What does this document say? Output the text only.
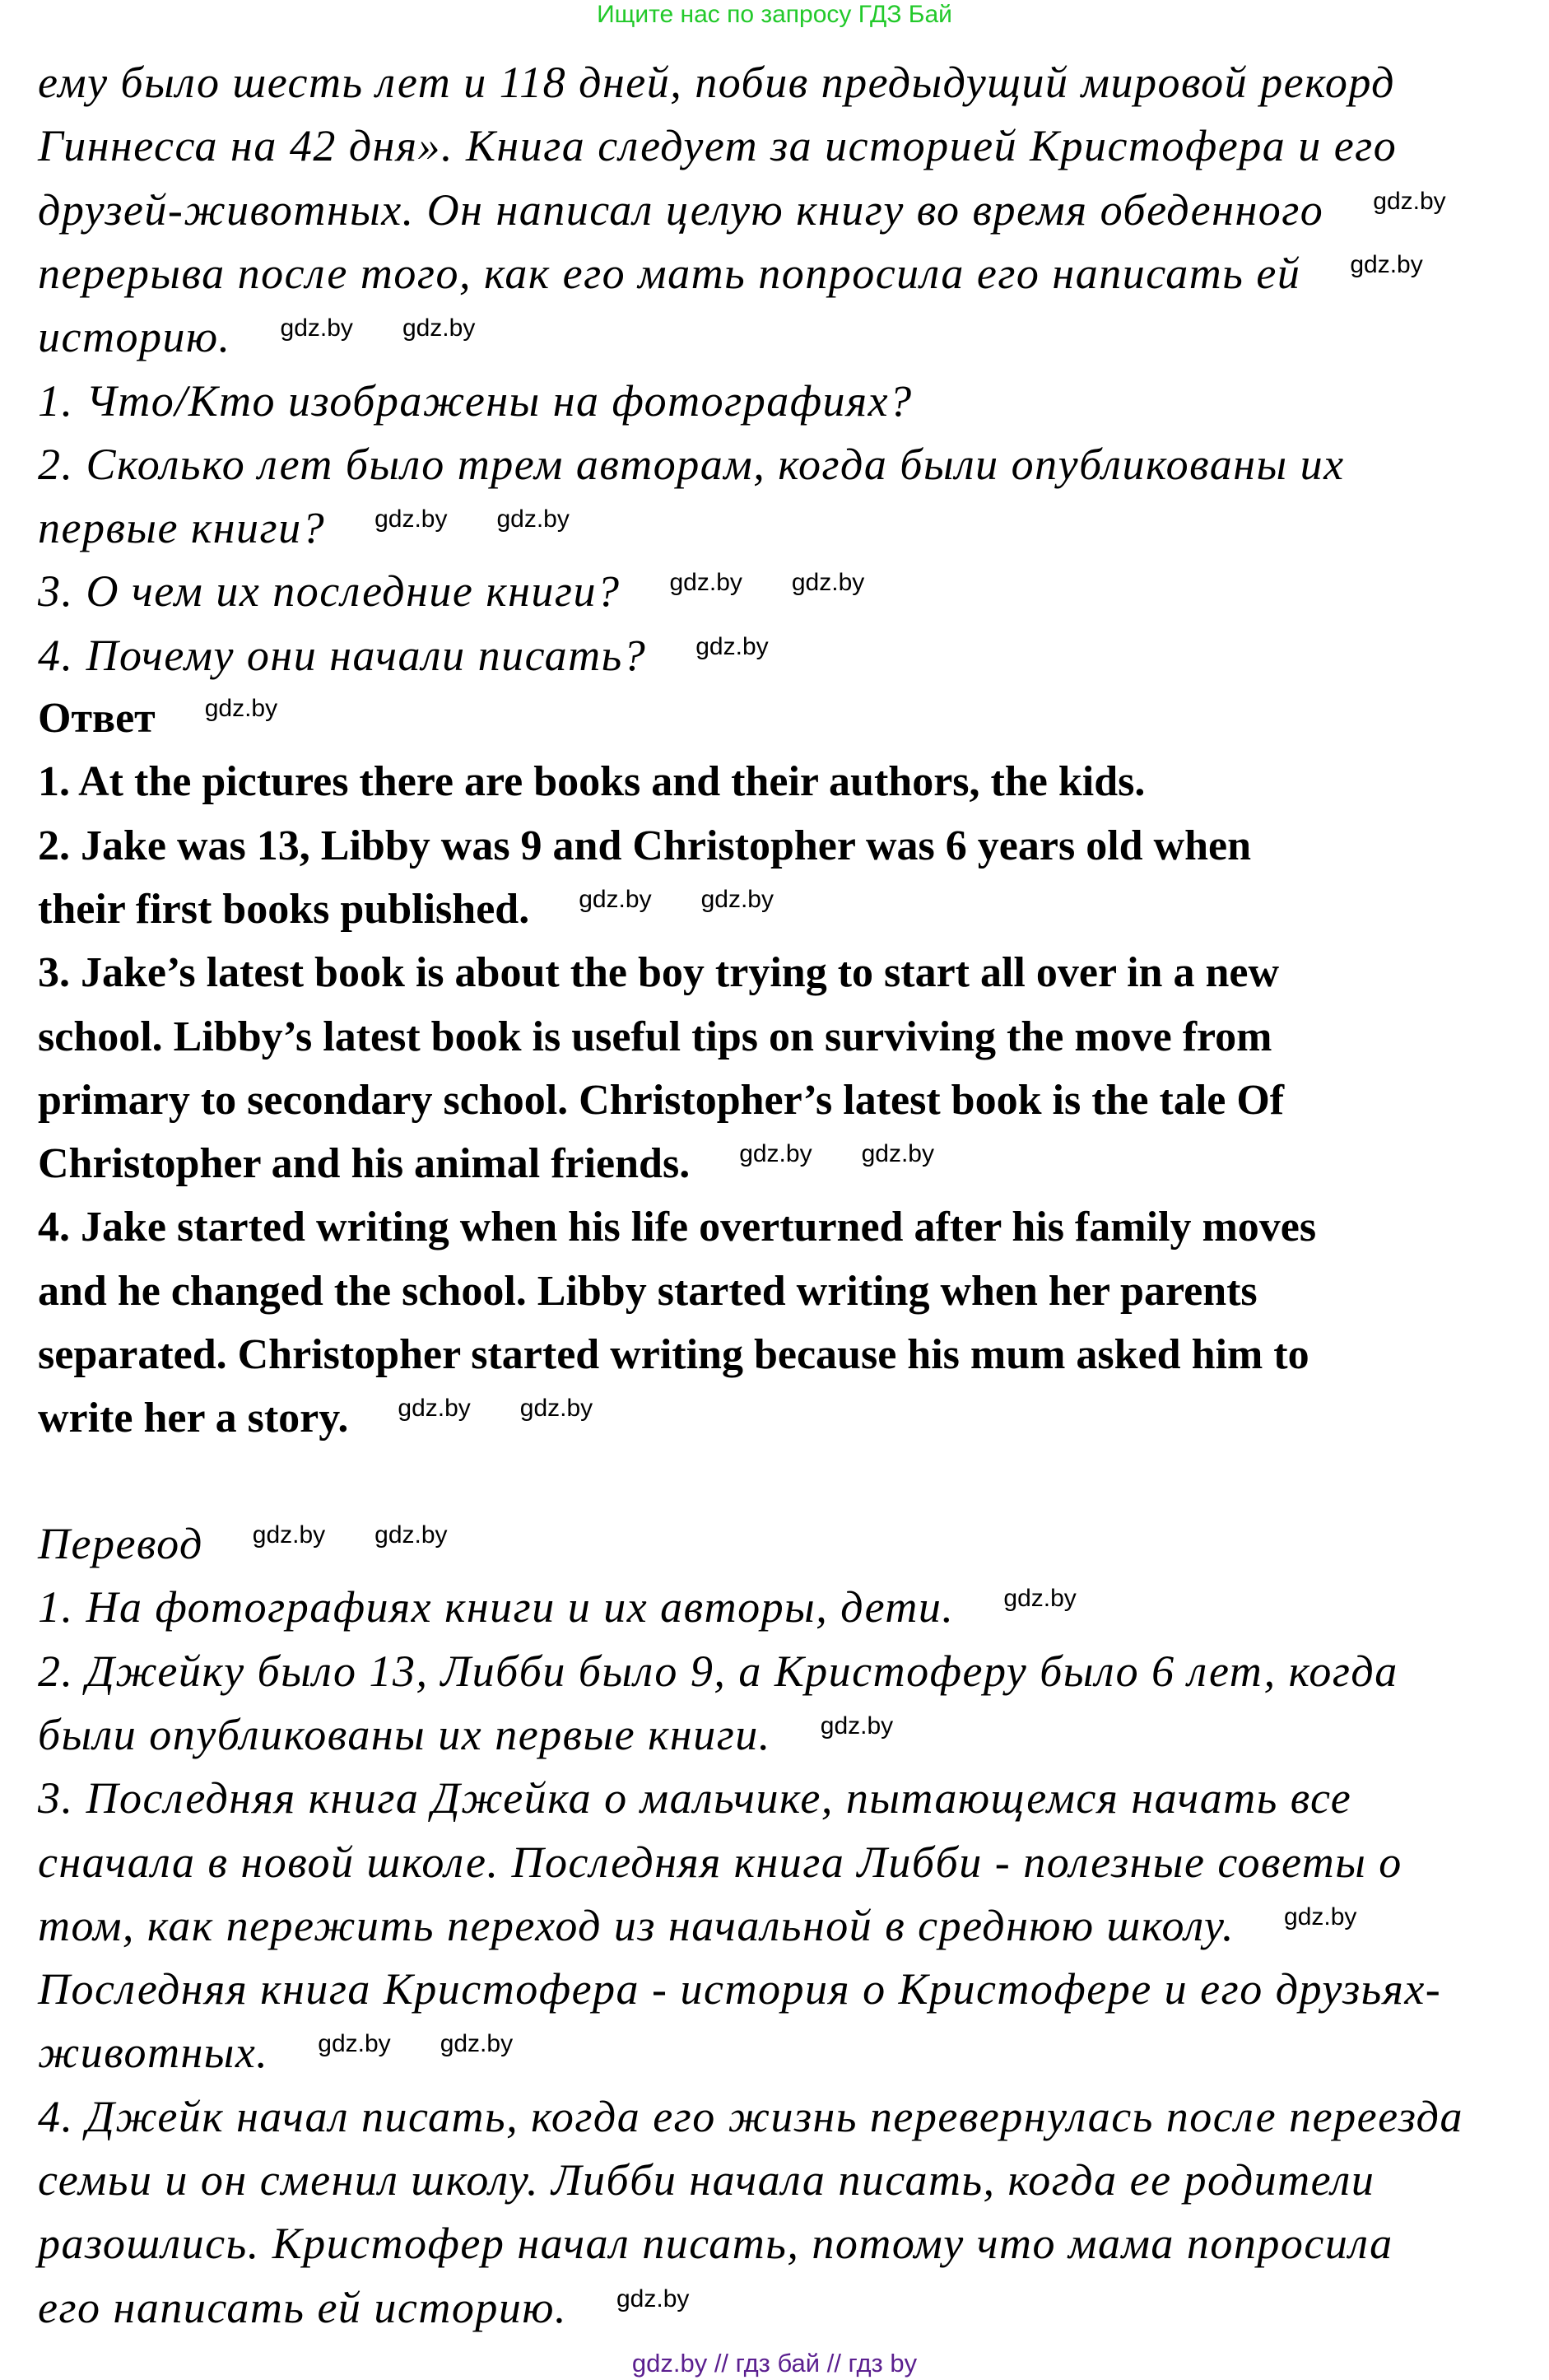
Ищите нас по запросу ГДЗ Бай
ему было шесть лет и 118 дней, побив предыдущий мировой рекорд
Гиннесса на 42 дня». Книга следует за историей Кристофера и его
друзей-животных. Он написал целую книгу во время обеденного gdz.by
перерыва после того, как его мать попросила его написать ей gdz.by
историю. gdz.by gdz.by
1. Что/Кто изображены на фотографиях?
2. Сколько лет было трем авторам, когда были опубликованы их
первые книги? gdz.by gdz.by
3. О чем их последние книги? gdz.by gdz.by
4. Почему они начали писать? gdz.by
Ответ gdz.by
1. At the pictures there are books and their authors, the kids.
2. Jake was 13, Libby was 9 and Christopher was 6 years old when
their first books published. gdz.by gdz.by
3. Jake’s latest book is about the boy trying to start all over in a new
school. Libby’s latest book is useful tips on surviving the move from
primary to secondary school. Christopher’s latest book is the tale Of
Christopher and his animal friends. gdz.by gdz.by
4. Jake started writing when his life overturned after his family moves
and he changed the school. Libby started writing when her parents
separated. Christopher started writing because his mum asked him to
write her a story. gdz.by gdz.by
Перевод gdz.by gdz.by
1. На фотографиях книги и их авторы, дети. gdz.by
2. Джейку было 13, Либби было 9, а Кристоферу было 6 лет, когда
были опубликованы их первые книги. gdz.by
3. Последняя книга Джейка о мальчике, пытающемся начать все
сначала в новой школе. Последняя книга Либби - полезные советы о
том, как пережить переход из начальной в среднюю школу. gdz.by
Последняя книга Кристофера - история о Кристофере и его друзьях-
животных. gdz.by gdz.by
4. Джейк начал писать, когда его жизнь перевернулась после переезда
семьи и он сменил школу. Либби начала писать, когда ее родители
разошлись. Кристофер начал писать, потому что мама попросила
его написать ей историю. gdz.by
gdz.by // гдз бай // гдз by
